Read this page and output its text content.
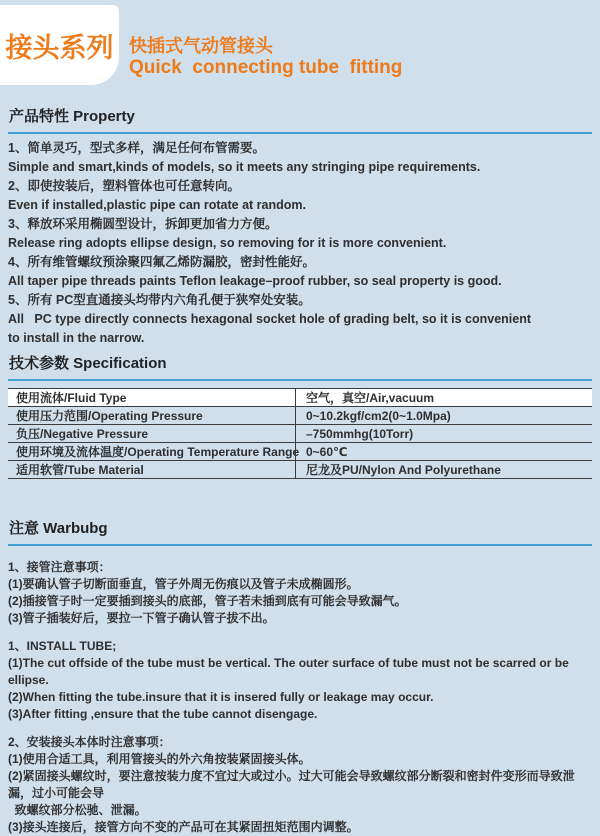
接头系列 快插式气动管接头
Quick  connecting tube  fitting
产品特性 Property
1、简单灵巧，型式多样，满足任何布管需要。
Simple and smart,kinds of models, so it meets any stringing pipe requirements.
2、即使按装后，塑料管体也可任意转向。
Even if installed,plastic pipe can rotate at random.
3、释放环采用椭圆型设计，拆卸更加省力方便。
Release ring adopts ellipse design, so removing for it is more convenient.
4、所有维管螺纹预涂聚四氟乙烯防漏胶，密封性能好。
All taper pipe threads paints Teflon leakage–proof rubber, so seal property is good.
5、所有 PC型直通接头均带内六角孔便于狭窄处安装。
All   PC type directly connects hexagonal socket hole of grading belt, so it is convenient
to install in the narrow.
技术参数 Specification
使用流体/Fluid Type	空气，真空/Air,vacuum
使用压力范围/Operating Pressure	0~10.2kgf/cm2(0~1.0Mpa)
负压/Negative Pressure	–750mmhg(10Torr)
使用环境及流体温度/Operating Temperature Range 0~60℃
适用软管/Tube Material	尼龙及PU/Nylon And Polyurethane
注意 Warbubg
1、接管注意事项：
(1)要确认管子切断面垂直，管子外周无伤痕以及管子未成椭圆形。
(2)插接管子时一定要插到接头的底部，管子若未插到底有可能会导致漏气。
(3)管子插装好后，要拉一下管子确认管子拔不出。
1、INSTALL TUBE;
(1)The cut offside of the tube must be vertical. The outer surface of tube must not be scarred or be ellipse.
(2)When fitting the tube.insure that it is insered fully or leakage may occur.
(3)After fitting ,ensure that the tube cannot disengage.
2、安装接头本体时注意事项：
(1)使用合适工具，利用管接头的外六角按装紧固接头体。
(2)紧固接头螺纹时，要注意按装力度不宜过大或过小。过大可能会导致螺纹部分断裂和密封件变形而导致泄漏，过小可能会导
致螺纹部分松驰、泄漏。
(3)接头连接后，接管方向不变的产品可在其紧固扭矩范围内调整。
